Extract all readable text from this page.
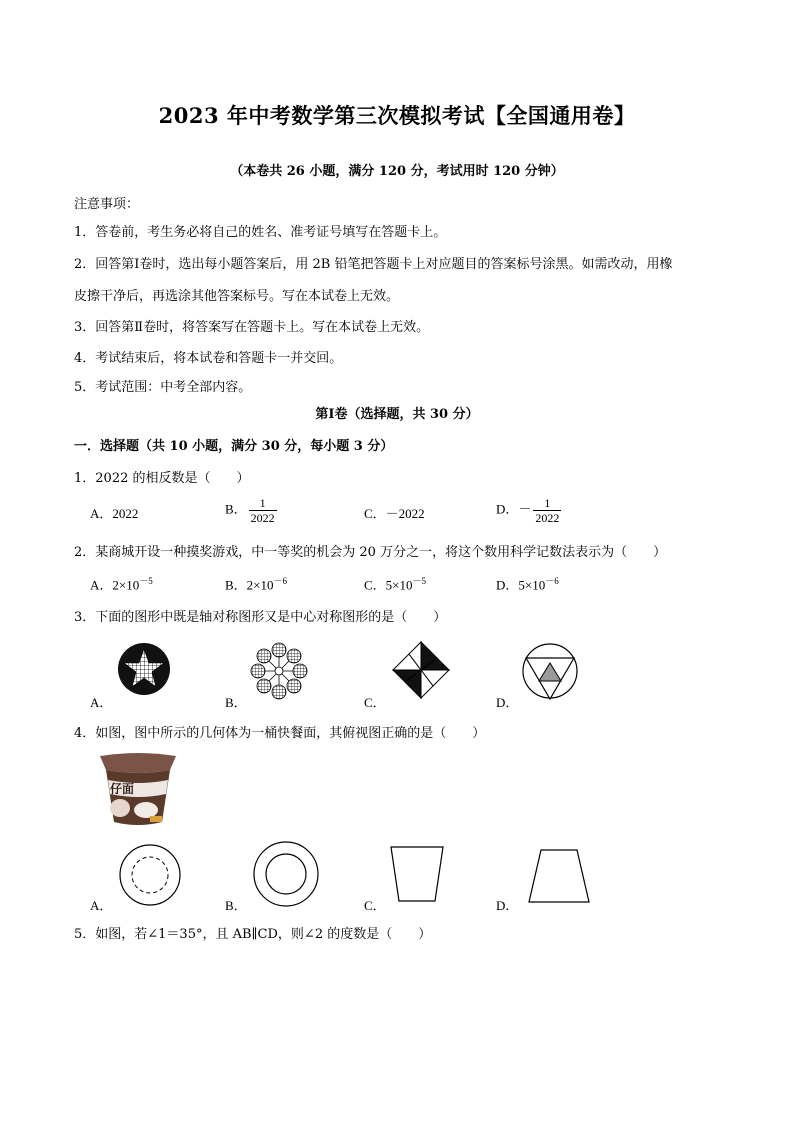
2023 年中考数学第三次模拟考试【全国通用卷】
（本卷共 26 小题，满分 120 分，考试用时 120 分钟）
注意事项：
1．答卷前，考生务必将自己的姓名、准考证号填写在答题卡上。
2．回答第Ⅰ卷时，选出每小题答案后，用 2B 铅笔把答题卡上对应题目的答案标号涂黑。如需改动，用橡
皮擦干净后，再选涂其他答案标号。写在本试卷上无效。
3．回答第Ⅱ卷时，将答案写在答题卡上。写在本试卷上无效。
4．考试结束后，将本试卷和答题卡一并交回。
5．考试范围：中考全部内容。
第Ⅰ卷（选择题，共 30 分）
一．选择题（共 10 小题，满分 30 分，每小题 3 分）
1．2022 的相反数是（　　）
A．2022	B． $\frac{1}{2022}$	C．－2022	D．－ $\frac{1}{2022}$
2．某商城开设一种摸奖游戏，中一等奖的机会为 20 万分之一，将这个数用科学记数法表示为（　　）
A．$2\times 10^{-5}$	B．$2\times 10^{-6}$	C．$5\times 10^{-5}$	D．$5\times 10^{-6}$
3．下面的图形中既是轴对称图形又是中心对称图形的是（　　）
A．	B．	C．	D．
4．如图，图中所示的几何体为一桶快餐面，其俯视图正确的是（　　）
仔面
A．	B．	C．	D．
5．如图，若∠1＝35°，且 AB∥CD，则∠2 的度数是（　　）
